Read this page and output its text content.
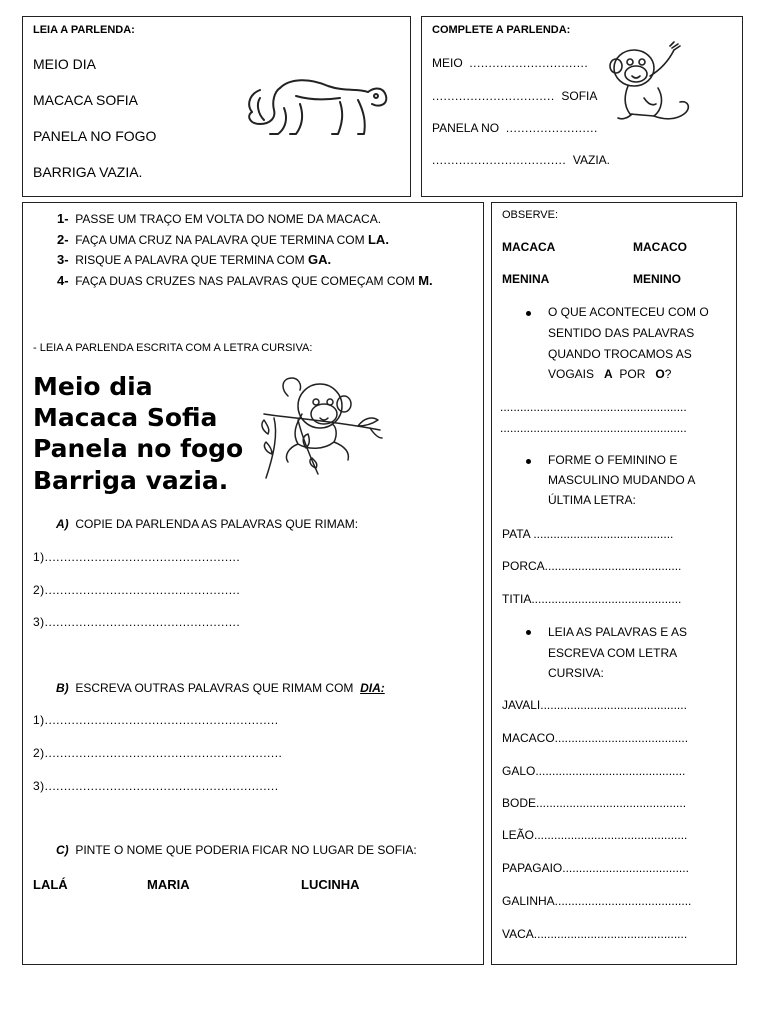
LEIA A PARLENDA:
MEIO DIA
MACACA SOFIA
PANELA NO FOGO
BARRIGA VAZIA.
COMPLETE A PARLENDA:
MEIO ...............................
................................ SOFIA
PANELA NO ........................
................................... VAZIA.
1- PASSE UM TRAÇO EM VOLTA DO NOME DA MACACA.
2- FAÇA UMA CRUZ NA PALAVRA QUE TERMINA COM LA.
3- RISQUE A PALAVRA QUE TERMINA COM GA.
4- FAÇA DUAS CRUZES NAS PALAVRAS QUE COMEÇAM COM M.
- LEIA A PARLENDA ESCRITA COM A LETRA CURSIVA:
Meio dia
Macaca Sofia
Panela no fogo
Barriga vazia.
A) COPIE DA PARLENDA AS PALAVRAS QUE RIMAM:
1)...................................................
2)...................................................
3)...................................................
B) ESCREVA OUTRAS PALAVRAS QUE RIMAM COM DIA:
1).............................................................
2)..............................................................
3).............................................................
C) PINTE O NOME QUE PODERIA FICAR NO LUGAR DE SOFIA:
LALÁ	MARIA	LUCINHA
OBSERVE:
MACACA	MACACO
MENINA	MENINO
O QUE ACONTECEU COM O
SENTIDO DAS PALAVRAS
QUANDO TROCAMOS AS
VOGAIS A POR O?
........................................................
........................................................
FORME O FEMININO E
MASCULINO MUDANDO A
ÚLTIMA LETRA:
PATA ..........................................
PORCA.........................................
TITIA.............................................
LEIA AS PALAVRAS E AS
ESCREVA COM LETRA
CURSIVA:
JAVALI............................................
MACACO........................................
GALO.............................................
BODE.............................................
LEÃO..............................................
PAPAGAIO......................................
GALINHA.........................................
VACA..............................................
